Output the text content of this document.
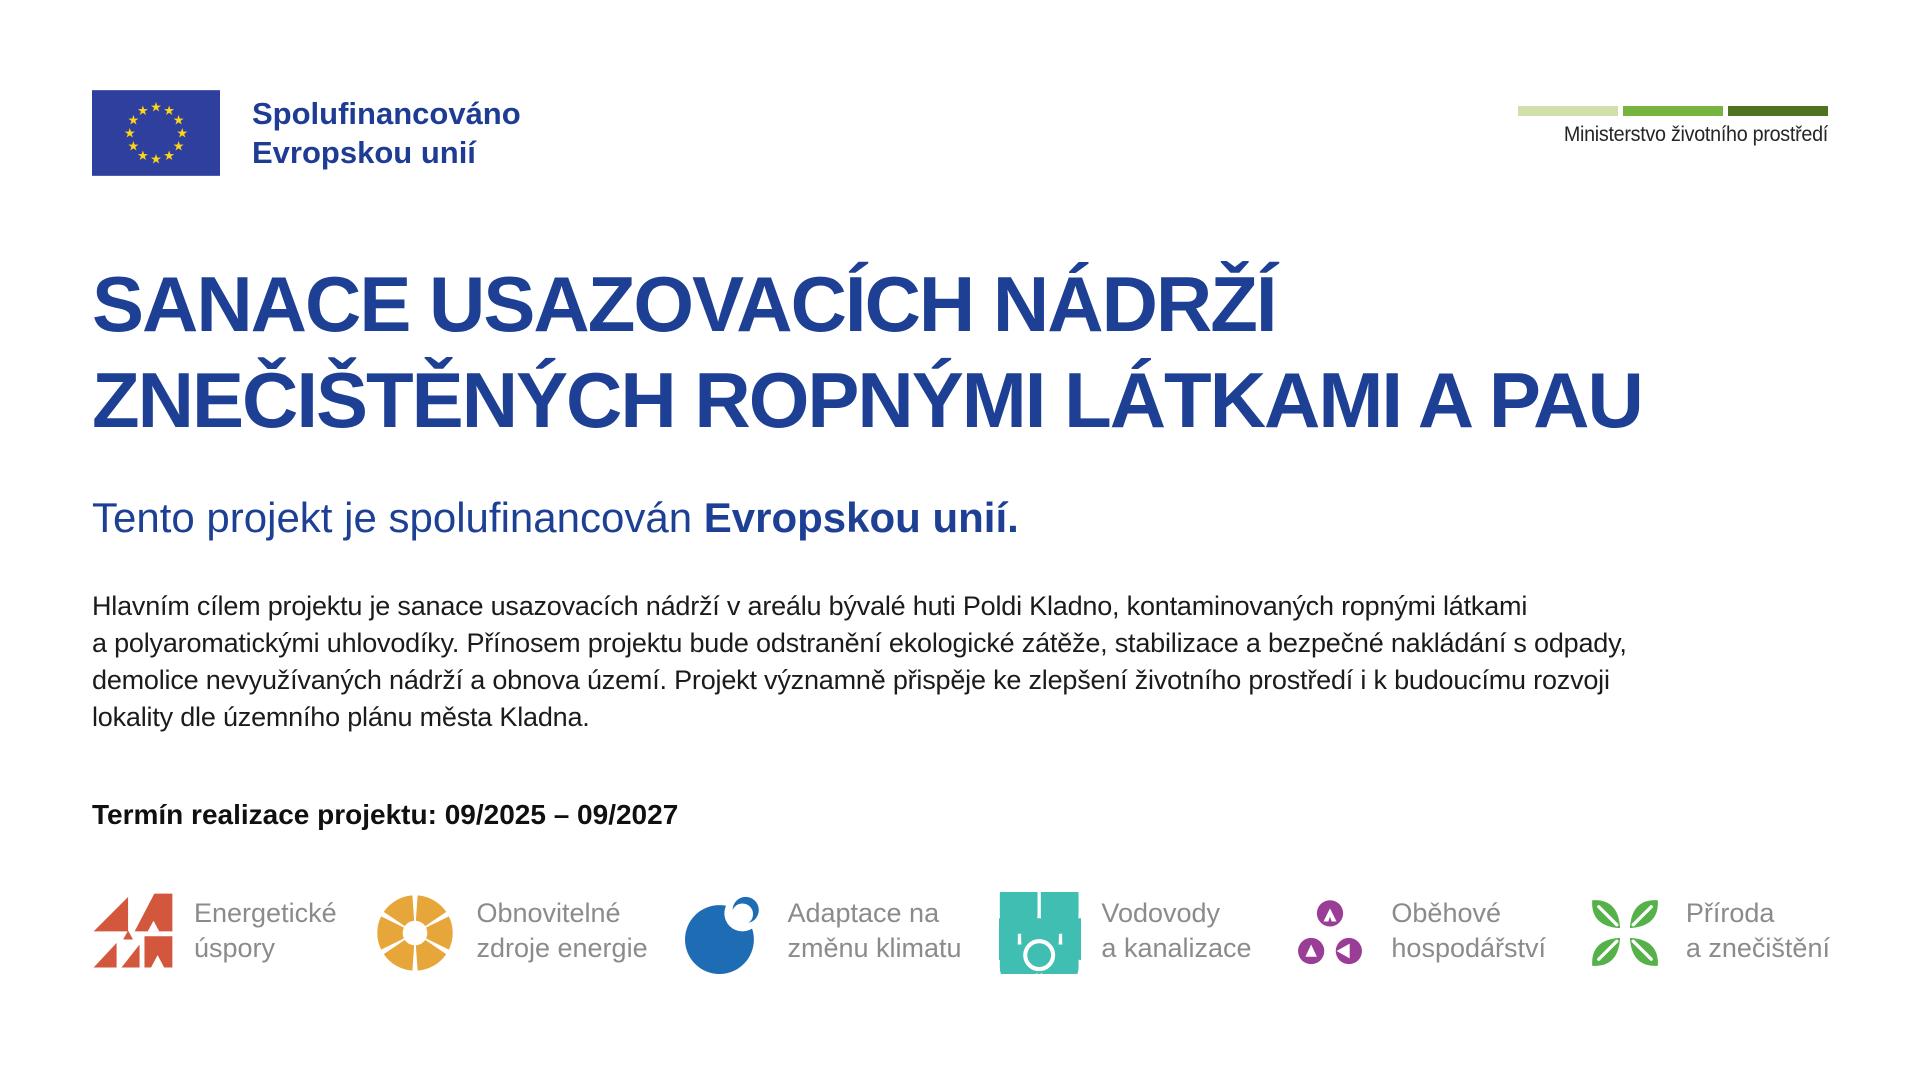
★
★
★
★
★
★
★
★
★ ★ ★
★
Spolufinancováno
Evropskou unií
Ministerstvo životního prostředí
SANACE USAZOVACÍCH NÁDRŽÍ
ZNEČIŠTĚNÝCH ROPNÝMI LÁTKAMI A PAU
Tento projekt je spolufinancován Evropskou unií.
Hlavním cílem projektu je sanace usazovacích nádrží v areálu bývalé huti Poldi Kladno, kontaminovaných ropnými látkami
a polyaromatickými uhlovodíky. Přínosem projektu bude odstranění ekologické zátěže, stabilizace a bezpečné nakládání s odpady,
demolice nevyužívaných nádrží a obnova území. Projekt významně přispěje ke zlepšení životního prostředí i k budoucímu rozvoji
lokality dle územního plánu města Kladna.
Termín realizace projektu: 09/2025 – 09/2027
Energetické
úspory
Obnovitelné
zdroje energie
Adaptace na
změnu klimatu
Vodovody
a kanalizace
Oběhové
hospodářství
Příroda
a znečištění
